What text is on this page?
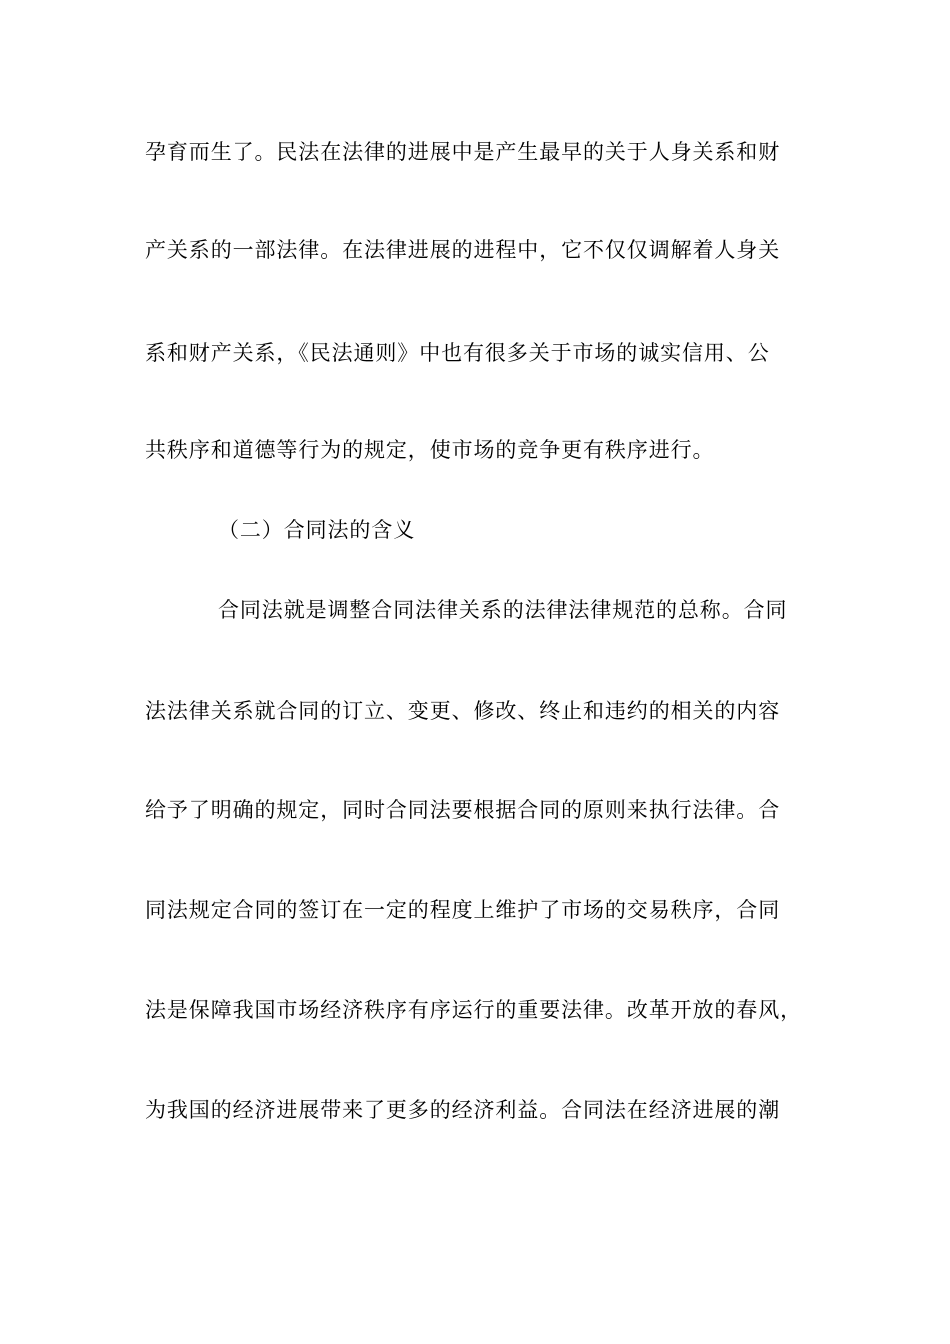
孕育而生了。民法在法律的进展中是产生最早的关于人身关系和财
产关系的一部法律。在法律进展的进程中，它不仅仅调解着人身关
系和财产关系，《民法通则》中也有很多关于市场的诚实信用、公
共秩序和道德等行为的规定，使市场的竞争更有秩序进行。
（二）合同法的含义
合同法就是调整合同法律关系的法律法律规范的总称。合同
法法律关系就合同的订立、变更、修改、终止和违约的相关的内容
给予了明确的规定，同时合同法要根据合同的原则来执行法律。合
同法规定合同的签订在一定的程度上维护了市场的交易秩序，合同
法是保障我国市场经济秩序有序运行的重要法律。改革开放的春风，
为我国的经济进展带来了更多的经济利益。合同法在经济进展的潮
